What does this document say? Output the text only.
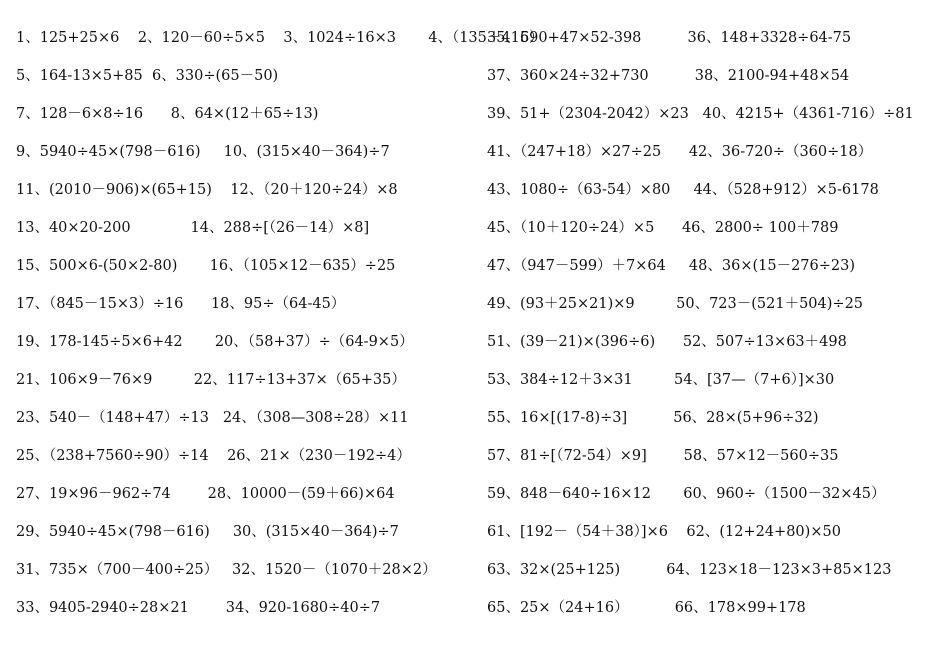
1、125+25×6    2、120－60÷5×5    3、1024÷16×3       4、（135＋415）
5、164-13×5+85  6、330÷(65－50)
7、128－6×8÷16      8、64×(12＋65÷13)
9、5940÷45×(798－616)     10、(315×40－364)÷7
11、(2010－906)×(65+15)    12、（20＋120÷24）×8
13、40×20-200             14、288÷[（26－14）×8]
15、500×6-(50×2-80)       16、（105×12－635）÷25
17、（845－15×3）÷16      18、95÷（64-45）
19、178-145÷5×6+42       20、（58+37）÷（64-9×5）
21、106×9－76×9         22、117÷13+37×（65+35）
23、540－（148+47）÷13   24、（308—308÷28）×11
25、（238+7560÷90）÷14    26、21×（230－192÷4）
27、19×96－962÷74        28、10000－(59＋66)×64
29、5940÷45×(798－616)     30、(315×40－364)÷7
31、735×（700－400÷25）   32、1520－（1070＋28×2）
33、9405-2940÷28×21        34、920-1680÷40÷7
35、690+47×52-398          36、148+3328÷64-75
37、360×24÷32+730          38、2100-94+48×54
39、51+（2304-2042）×23   40、4215+（4361-716）÷81
41、（247+18）×27÷25      42、36-720÷（360÷18）
43、1080÷（63-54）×80     44、（528+912）×5-6178
45、（10＋120÷24）×5      46、2800÷ 100＋789
47、（947－599）＋7×64     48、36×(15－276÷23)
49、(93＋25×21)×9         50、723－(521＋504)÷25
51、(39－21)×(396÷6)      52、507÷13×63＋498
53、384÷12＋3×31         54、[37—（7+6）]×30
55、16×[(17-8)÷3]          56、28×(5+96÷32)
57、81÷[（72-54）×9]        58、57×12－560÷35
59、848－640÷16×12       60、960÷（1500－32×45）
61、[192－（54＋38）]×6    62、(12+24+80)×50
63、32×(25+125)          64、123×18－123×3+85×123
65、25×（24+16）          66、178×99+178
